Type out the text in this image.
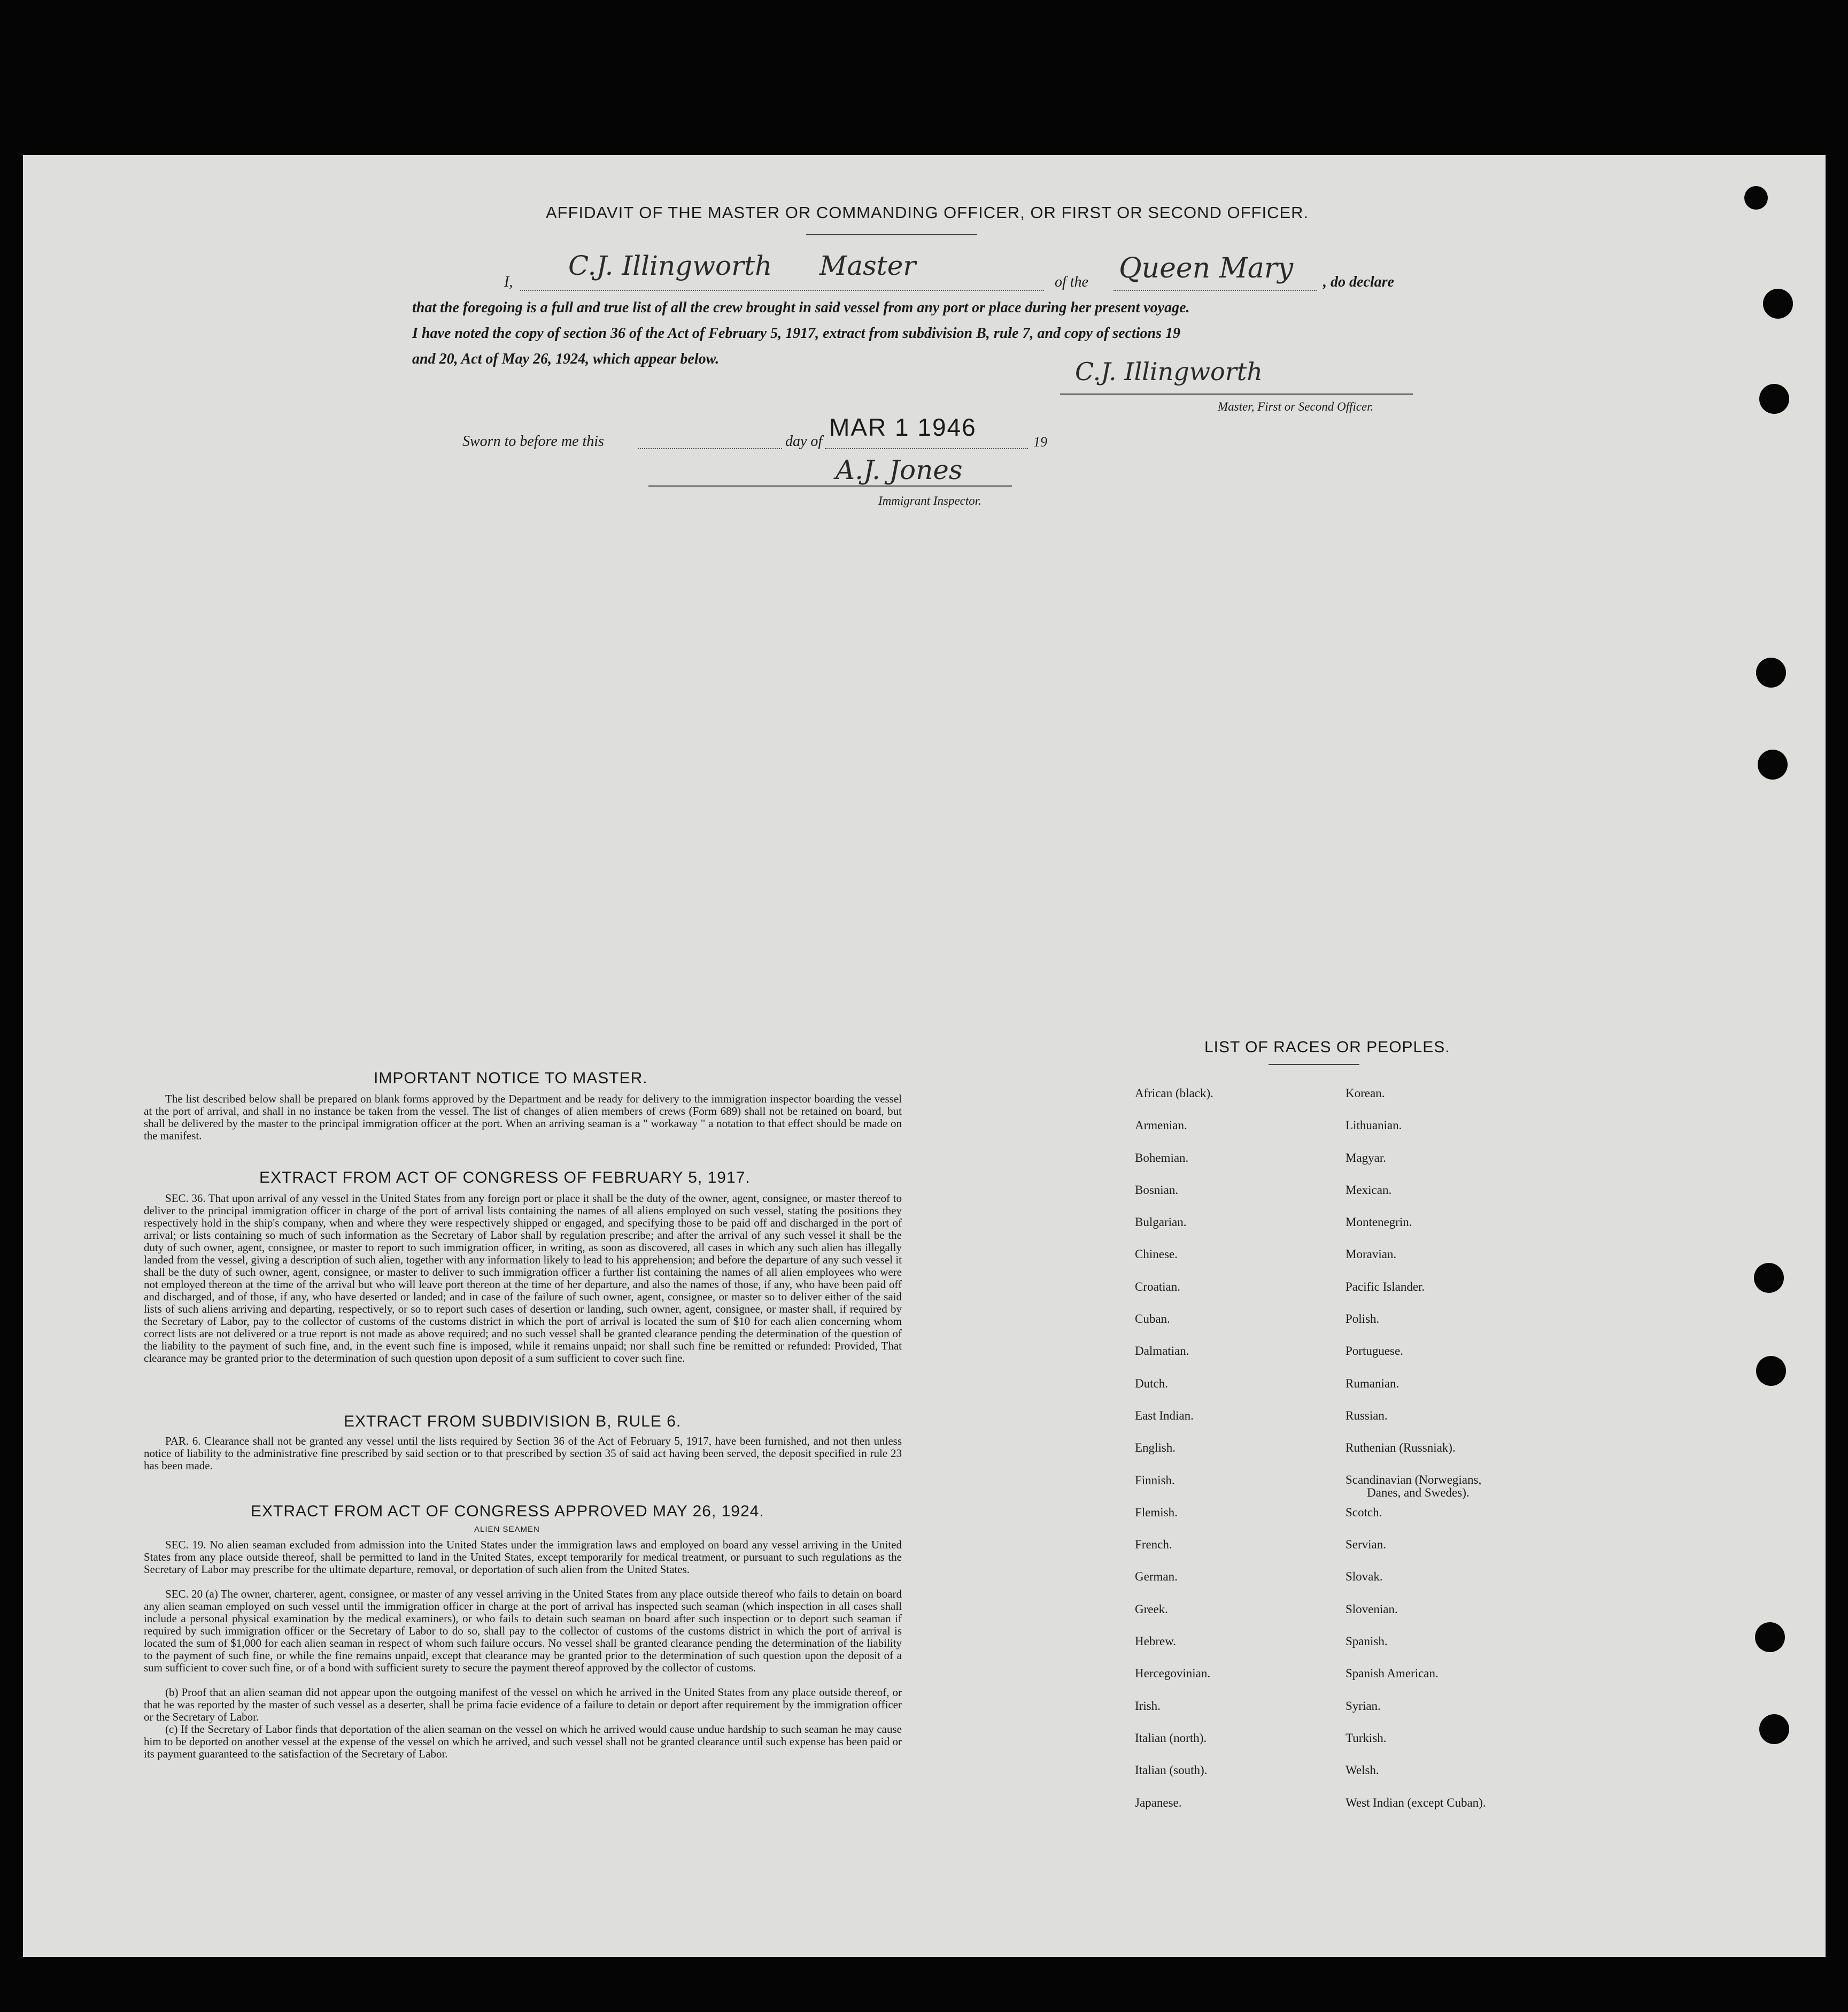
AFFIDAVIT OF THE MASTER OR COMMANDING OFFICER, OR FIRST OR SECOND OFFICER.
I,
C.J. Illingworth Master
of the Queen Mary , do declare
that the foregoing is a full and true list of all the crew brought in said vessel from any port or place during her present voyage.
I have noted the copy of section 36 of the Act of February 5, 1917, extract from subdivision B, rule 7, and copy of sections 19
and 20, Act of May 26, 1924, which appear below.	C.J. Illingworth
Master, First or Second Officer.
Sworn to before me this	day of
MAR 1 1946
19
A.J. Jones
Immigrant Inspector.
IMPORTANT NOTICE TO MASTER.

The list described below shall be prepared on blank forms approved by the Department and be ready for delivery to the immigration inspector boarding the vessel at the port of arrival, and shall in no instance be taken from the vessel. The list of changes of alien members of crews (Form 689) shall not be retained on board, but shall be delivered by the master to the principal immigration officer at the port. When an arriving seaman is a " workaway " a notation to that effect should be made on the manifest.

EXTRACT FROM ACT OF CONGRESS OF FEBRUARY 5, 1917.

SEC. 36. That upon arrival of any vessel in the United States from any foreign port or place it shall be the duty of the owner, agent, consignee, or master thereof to deliver to the principal immigration officer in charge of the port of arrival lists containing the names of all aliens employed on such vessel, stating the positions they respectively hold in the ship's company, when and where they were respectively shipped or engaged, and specifying those to be paid off and discharged in the port of arrival; or lists containing so much of such information as the Secretary of Labor shall by regulation prescribe; and after the arrival of any such vessel it shall be the duty of such owner, agent, consignee, or master to report to such immigration officer, in writing, as soon as discovered, all cases in which any such alien has illegally landed from the vessel, giving a description of such alien, together with any information likely to lead to his apprehension; and before the departure of any such vessel it shall be the duty of such owner, agent, consignee, or master to deliver to such immigration officer a further list containing the names of all alien employees who were not employed thereon at the time of the arrival but who will leave port thereon at the time of her departure, and also the names of those, if any, who have been paid off and discharged, and of those, if any, who have deserted or landed; and in case of the failure of such owner, agent, consignee, or master so to deliver either of the said lists of such aliens arriving and departing, respectively, or so to report such cases of desertion or landing, such owner, agent, consignee, or master shall, if required by the Secretary of Labor, pay to the collector of customs of the customs district in which the port of arrival is located the sum of $10 for each alien concerning whom correct lists are not delivered or a true report is not made as above required; and no such vessel shall be granted clearance pending the determination of the question of the liability to the payment of such fine, and, in the event such fine is imposed, while it remains unpaid; nor shall such fine be remitted or refunded: Provided, That clearance may be granted prior to the determination of such question upon deposit of a sum sufficient to cover such fine.

EXTRACT FROM SUBDIVISION B, RULE 6.

PAR. 6. Clearance shall not be granted any vessel until the lists required by Section 36 of the Act of February 5, 1917, have been furnished, and not then unless notice of liability to the administrative fine prescribed by said section or to that prescribed by section 35 of said act having been served, the deposit specified in rule 23 has been made.

EXTRACT FROM ACT OF CONGRESS APPROVED MAY 26, 1924.
ALIEN SEAMEN

SEC. 19. No alien seaman excluded from admission into the United States under the immigration laws and employed on board any vessel arriving in the United States from any place outside thereof, shall be permitted to land in the United States, except temporarily for medical treatment, or pursuant to such regulations as the Secretary of Labor may prescribe for the ultimate departure, removal, or deportation of such alien from the United States.

SEC. 20 (a) The owner, charterer, agent, consignee, or master of any vessel arriving in the United States from any place outside thereof who fails to detain on board any alien seaman employed on such vessel until the immigration officer in charge at the port of arrival has inspected such seaman (which inspection in all cases shall include a personal physical examination by the medical examiners), or who fails to detain such seaman on board after such inspection or to deport such seaman if required by such immigration officer or the Secretary of Labor to do so, shall pay to the collector of customs of the customs district in which the port of arrival is located the sum of $1,000 for each alien seaman in respect of whom such failure occurs. No vessel shall be granted clearance pending the determination of the liability to the payment of such fine, or while the fine remains unpaid, except that clearance may be granted prior to the determination of such question upon the deposit of a sum sufficient to cover such fine, or of a bond with sufficient surety to secure the payment thereof approved by the collector of customs.

(b) Proof that an alien seaman did not appear upon the outgoing manifest of the vessel on which he arrived in the United States from any place outside thereof, or that he was reported by the master of such vessel as a deserter, shall be prima facie evidence of a failure to detain or deport after requirement by the immigration officer or the Secretary of Labor.

(c) If the Secretary of Labor finds that deportation of the alien seaman on the vessel on which he arrived would cause undue hardship to such seaman he may cause him to be deported on another vessel at the expense of the vessel on which he arrived, and such vessel shall not be granted clearance until such expense has been paid or its payment guaranteed to the satisfaction of the Secretary of Labor.

LIST OF RACES OR PEOPLES.
African (black).
Armenian.
Bohemian.
Bosnian.
Bulgarian.
Chinese.
Croatian.
Cuban.
Dalmatian.
Dutch.
East Indian.
English.
Finnish.
Flemish.
French.
German.
Greek.
Hebrew.
Hercegovinian.
Irish.
Italian (north).
Italian (south).
Japanese.
Korean.
Lithuanian.
Magyar.
Mexican.
Montenegrin.
Moravian.
Pacific Islander.
Polish.
Portuguese.
Rumanian.
Russian.
Ruthenian (Russniak).
Scandinavian (Norwegians,
Danes, and Swedes).
Scotch.
Servian.
Slovak.
Slovenian.
Spanish.
Spanish American.
Syrian.
Turkish.
Welsh.
West Indian (except Cuban).
